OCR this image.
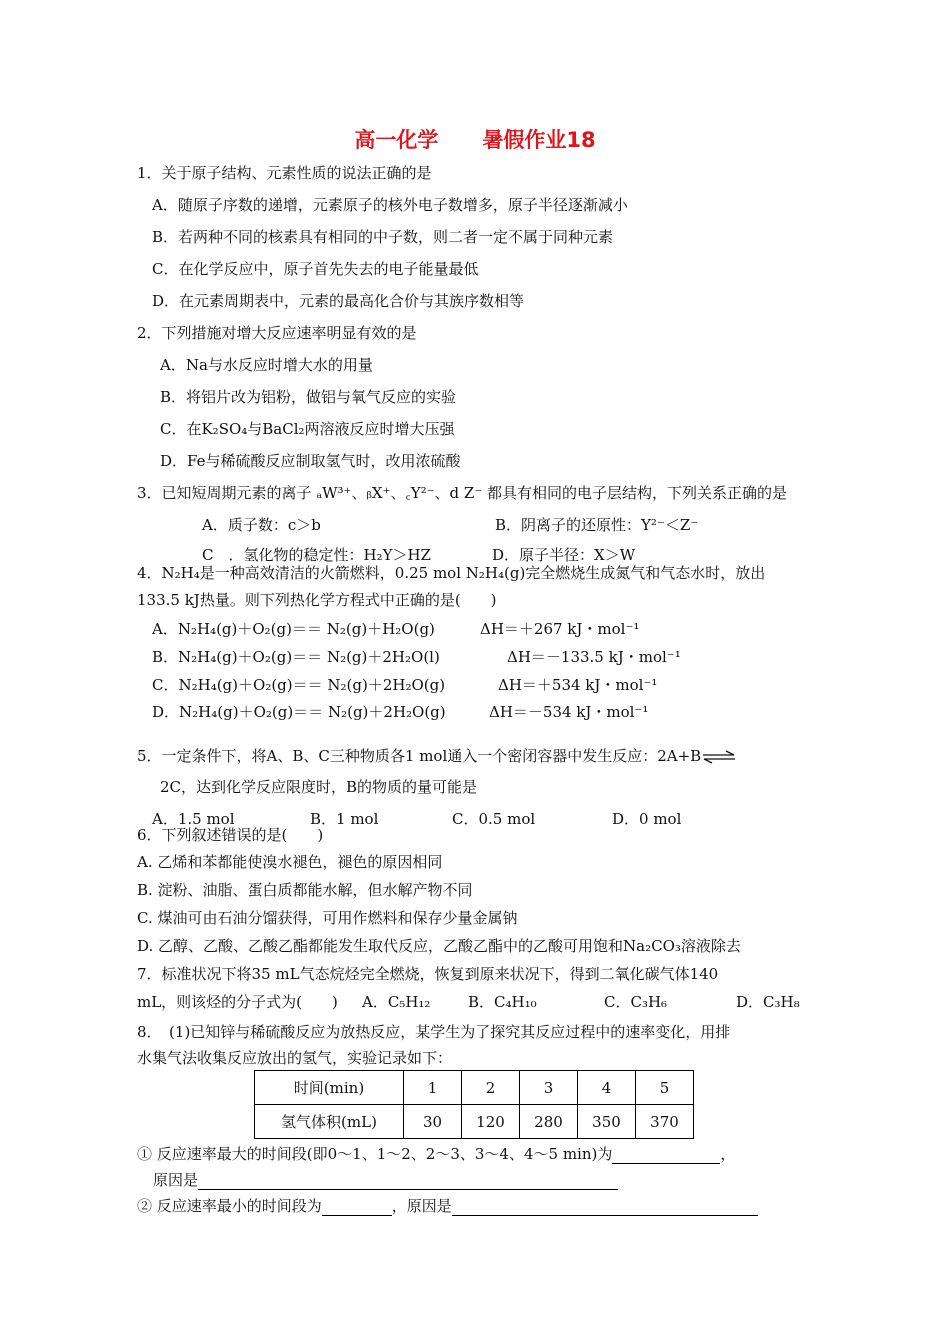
高一化学 暑假作业18
1．关于原子结构、元素性质的说法正确的是
A．随原子序数的递增，元素原子的核外电子数增多，原子半径逐渐减小
B．若两种不同的核素具有相同的中子数，则二者一定不属于同种元素
C．在化学反应中，原子首先失去的电子能量最低
D．在元素周期表中，元素的最高化合价与其族序数相等
2．下列措施对增大反应速率明显有效的是
A．Na与水反应时增大水的用量
B．将铝片改为铝粉，做铝与氧气反应的实验
C．在K₂SO₄与BaCl₂两溶液反应时增大压强
D．Fe与稀硫酸反应制取氢气时，改用浓硫酸
3．已知短周期元素的离子 ₐW³⁺、ᵦX⁺、꜀Y²⁻、d Z⁻ 都具有相同的电子层结构，下列关系正确的是
A．质子数：c＞b	B．阴离子的还原性：Y²⁻＜Z⁻
C　．氢化物的稳定性：H₂Y＞HZ	D．原子半径：X＞W
4．N₂H₄是一种高效清洁的火箭燃料，0.25 mol N₂H₄(g)完全燃烧生成氮气和气态水时，放出
133.5 kJ热量。则下列热化学方程式中正确的是(　　)
A．N₂H₄(g)＋O₂(g)＝＝ N₂(g)＋H₂O(g)	ΔH＝＋267 kJ・mol⁻¹
B．N₂H₄(g)＋O₂(g)＝＝ N₂(g)＋2H₂O(l)	ΔH＝－133.5 kJ・mol⁻¹
C．N₂H₄(g)＋O₂(g)＝＝ N₂(g)＋2H₂O(g)	ΔH＝＋534 kJ・mol⁻¹
D．N₂H₄(g)＋O₂(g)＝＝ N₂(g)＋2H₂O(g)	ΔH＝－534 kJ・mol⁻¹
5．一定条件下，将A、B、C三种物质各1 mol通入一个密闭容器中发生反应：2A+B⇌
2C，达到化学反应限度时，B的物质的量可能是
A．1.5 mol	B．1 mol	C．0.5 mol	D．0 mol
6．下列叙述错误的是(　　)
A. 乙烯和苯都能使溴水褪色，褪色的原因相同
B. 淀粉、油脂、蛋白质都能水解，但水解产物不同
C. 煤油可由石油分馏获得，可用作燃料和保存少量金属钠
D. 乙醇、乙酸、乙酸乙酯都能发生取代反应，乙酸乙酯中的乙酸可用饱和Na₂CO₃溶液除去
7．标准状况下将35 mL气态烷烃完全燃烧，恢复到原来状况下，得到二氧化碳气体140
mL，则该烃的分子式为(　　) A．C₅H₁₂	B．C₄H₁₀	C．C₃H₆	D．C₃H₈
8．　(1)已知锌与稀硫酸反应为放热反应，某学生为了探究其反应过程中的速率变化，用排
水集气法收集反应放出的氢气，实验记录如下：
时间(min)	1	2	3	4	5
氢气体积(mL)	30	120	280	350	370
① 反应速率最大的时间段(即0～1、1～2、2～3、3～4、4～5 min)为	，
原因是
② 反应速率最小的时间段为	，原因是
